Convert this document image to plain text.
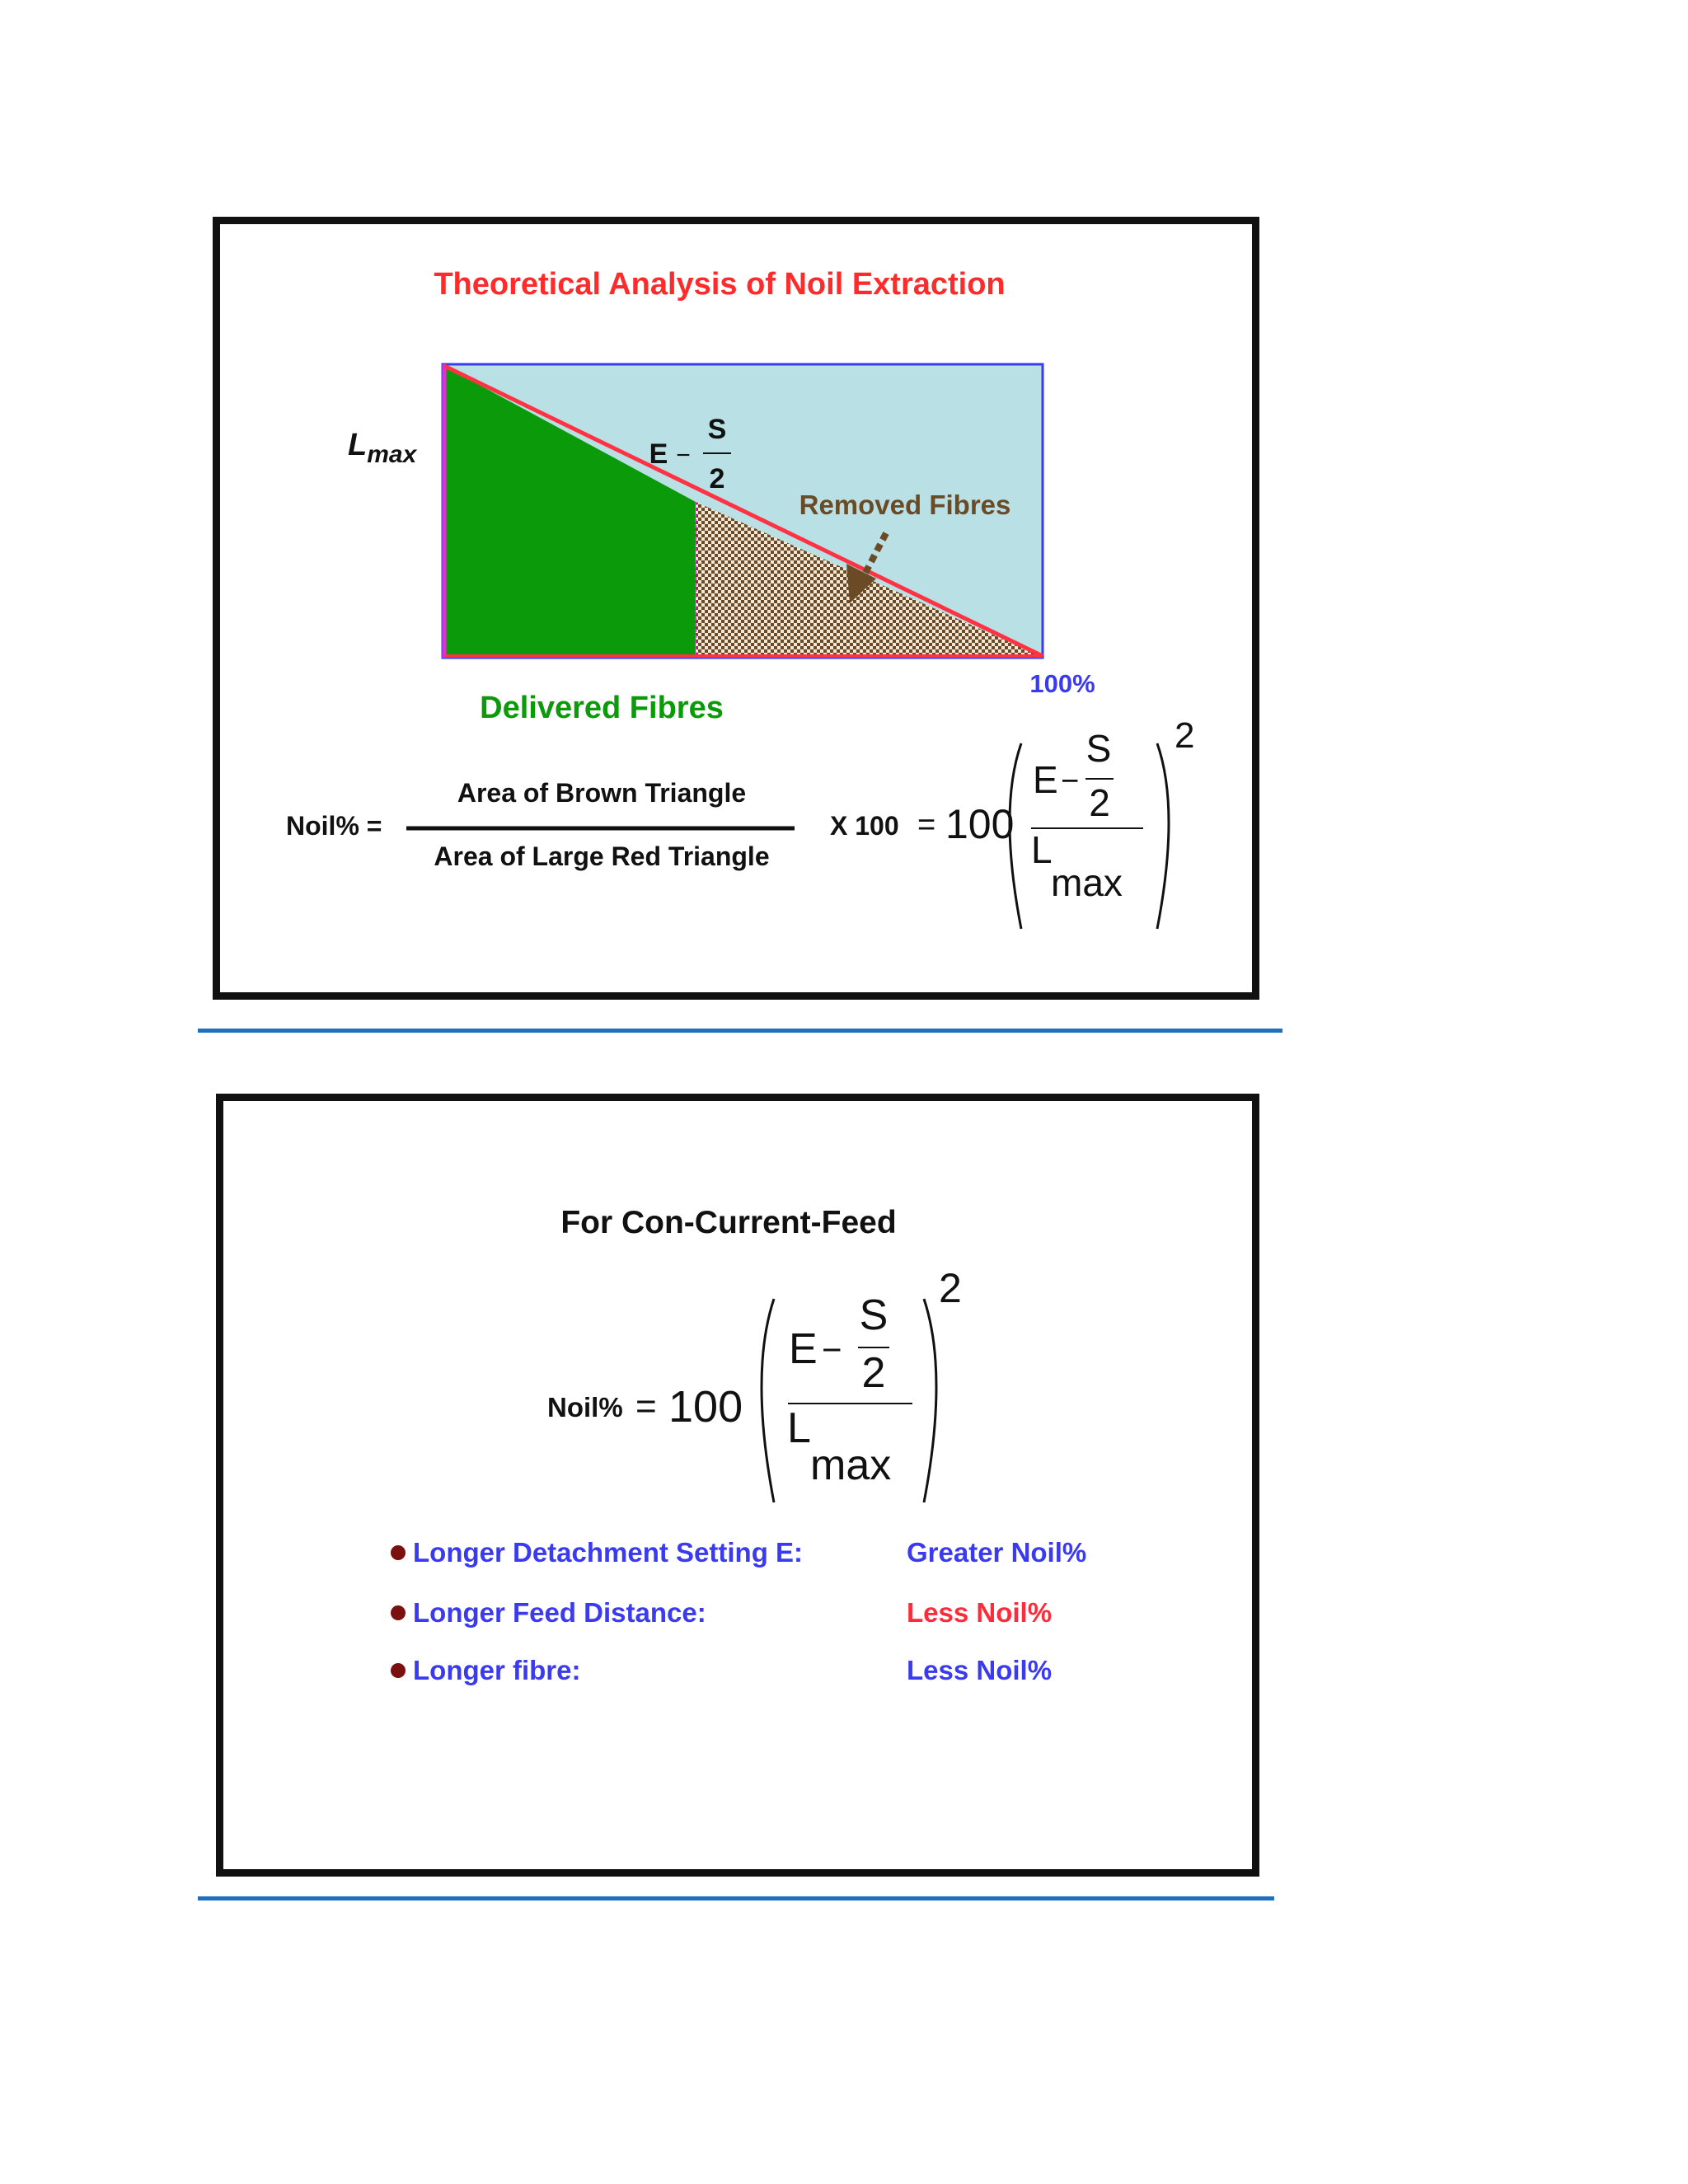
Theoretical Analysis of Noil Extraction
$L_{max}$	E −
S
2
Removed Fibres
100%
Delivered Fibres
Noil% =
Area of Brown Triangle
Area of Large Red Triangle
X 100 = 100
E −
S
2
L
max
2
For Con-Current-Feed
Noil% = 100
E −
S
2
L
max
2
Longer Detachment Setting E:	Greater Noil%
Longer Feed Distance:	Less Noil%
Longer fibre:	Less Noil%
